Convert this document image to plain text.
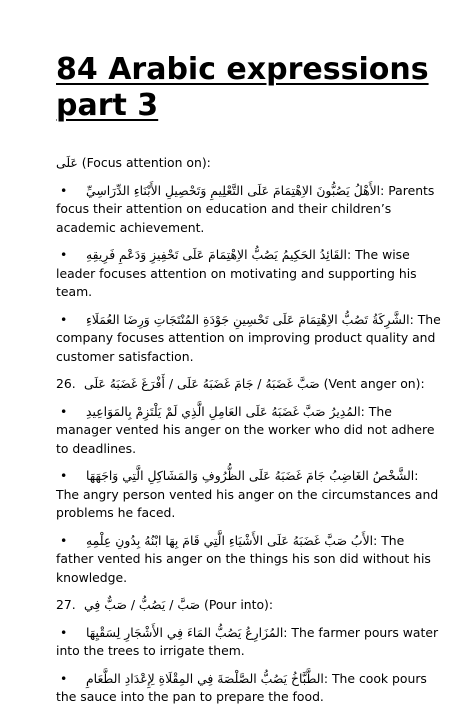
84 Arabic expressions part 3
عَلَى (Focus attention on):
• الأَهْلُ يَصُبُّونَ الاِهْتِمَامَ عَلَى التَّعْلِيمِ وَتَحْصِيلِ الأَبْنَاءِ الدِّرَاسِيِّ: Parents focus their attention on education and their children’s academic achievement.
• القَائِدُ الحَكِيمُ يَصُبُّ الاِهْتِمَامَ عَلَى تَحْفِيزِ وَدَعْمِ فَرِيقِهِ: The wise leader focuses attention on motivating and supporting his team.
• الشَّرِكَةُ تَصُبُّ الاِهْتِمَامَ عَلَى تَحْسِينِ جَوْدَةِ المُنْتَجَاتِ وَرِضَا العُمَلَاءِ: The company focuses attention on improving product quality and customer satisfaction.
26. صَبَّ غَضَبَهُ / جَامَ غَضَبَهُ عَلَى / أَفْرَغَ غَضَبَهُ عَلَى (Vent anger on):
• المُدِيرُ صَبَّ غَضَبَهُ عَلَى العَامِلِ الَّذِي لَمْ يَلْتَزِمْ بِالمَوَاعِيدِ: The manager vented his anger on the worker who did not adhere to deadlines.
• الشَّخْصُ الغَاضِبُ جَامَ غَضَبَهُ عَلَى الظُّرُوفِ وَالمَشَاكِلِ الَّتِي وَاجَهَهَا: The angry person vented his anger on the circumstances and problems he faced.
• الأَبُ صَبَّ غَضَبَهُ عَلَى الأَشْيَاءِ الَّتِي قَامَ بِهَا ابْنُهُ بِدُونِ عِلْمِهِ: The father vented his anger on the things his son did without his knowledge.
27. صَبَّ / يَصُبُّ / صَبٌّ فِي (Pour into):
• المُزَارِعُ يَصُبُّ المَاءَ فِي الأَشْجَارِ لِسَقْيِهَا: The farmer pours water into the trees to irrigate them.
• الطَّبَّاخُ يَصُبُّ الصَّلْصَةَ فِي المِقْلَاةِ لِإِعْدَادِ الطَّعَامِ: The cook pours the sauce into the pan to prepare the food.
